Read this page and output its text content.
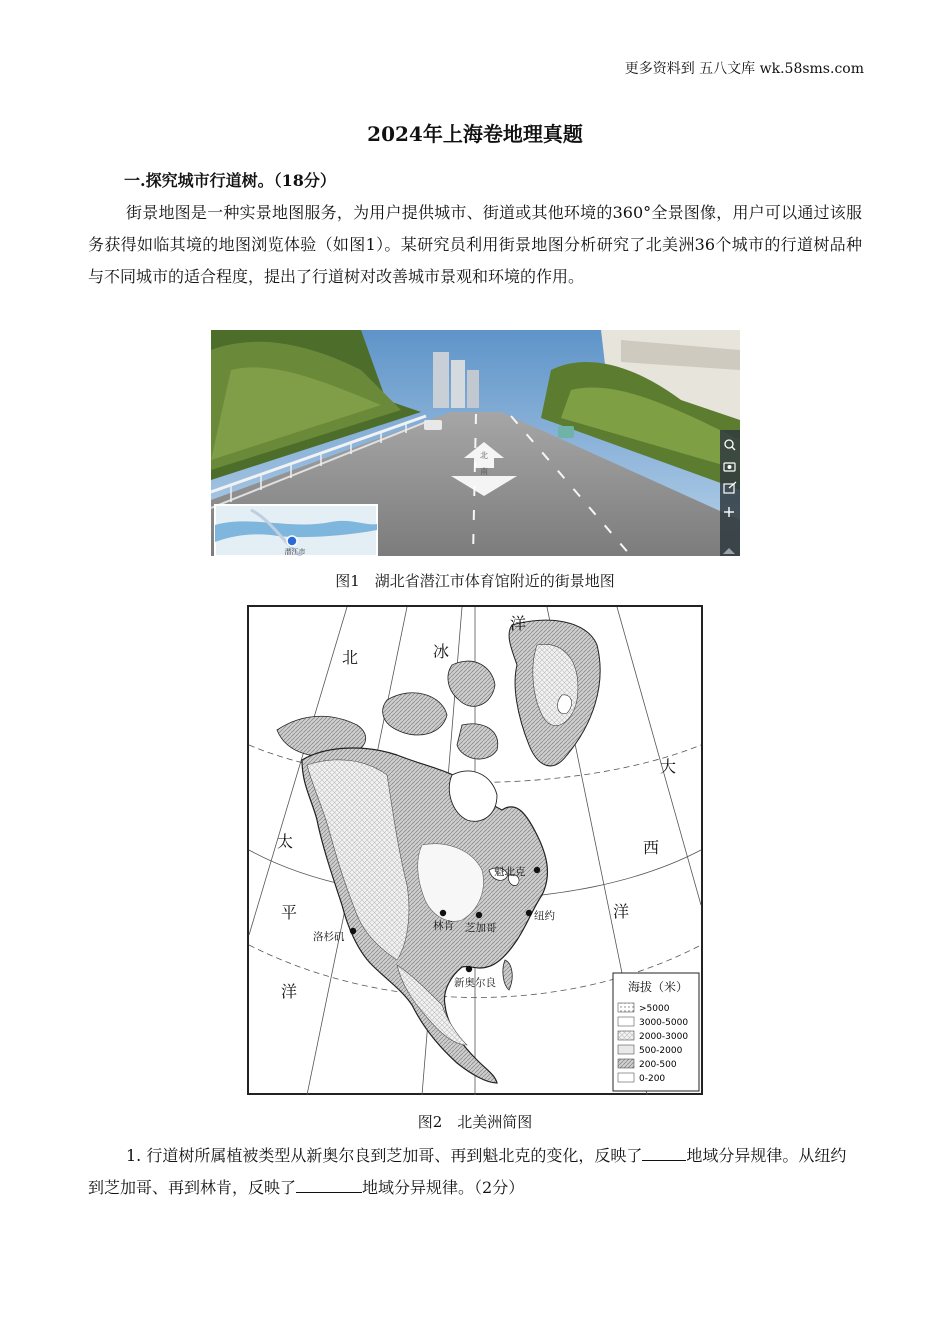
更多资料到 五八文库 wk.58sms.com
2024年上海卷地理真题
一.探究城市行道树。（18分）
街景地图是一种实景地图服务，为用户提供城市、街道或其他环境的360°全景图像，用户可以通过该服务获得如临其境的地图浏览体验（如图1）。某研究员利用街景地图分析研究了北美洲36个城市的行道树品种与不同城市的适合程度，提出了行道树对改善城市景观和环境的作用。
北
南
潜江市
图1　湖北省潜江市体育馆附近的街景地图
海拔（米）
>5000
3000-5000
2000-3000
500-2000
200-500
0-200
北	冰
洋
太
平
洋
大
西
洋
魁北克
林肯 芝加哥
纽约
洛杉矶
新奥尔良
图2　北美洲简图
1. 行道树所属植被类型从新奥尔良到芝加哥、再到魁北克的变化，反映了	地域分异规律。从纽约到芝加哥、再到林肯，反映了	地域分异规律。（2分）
